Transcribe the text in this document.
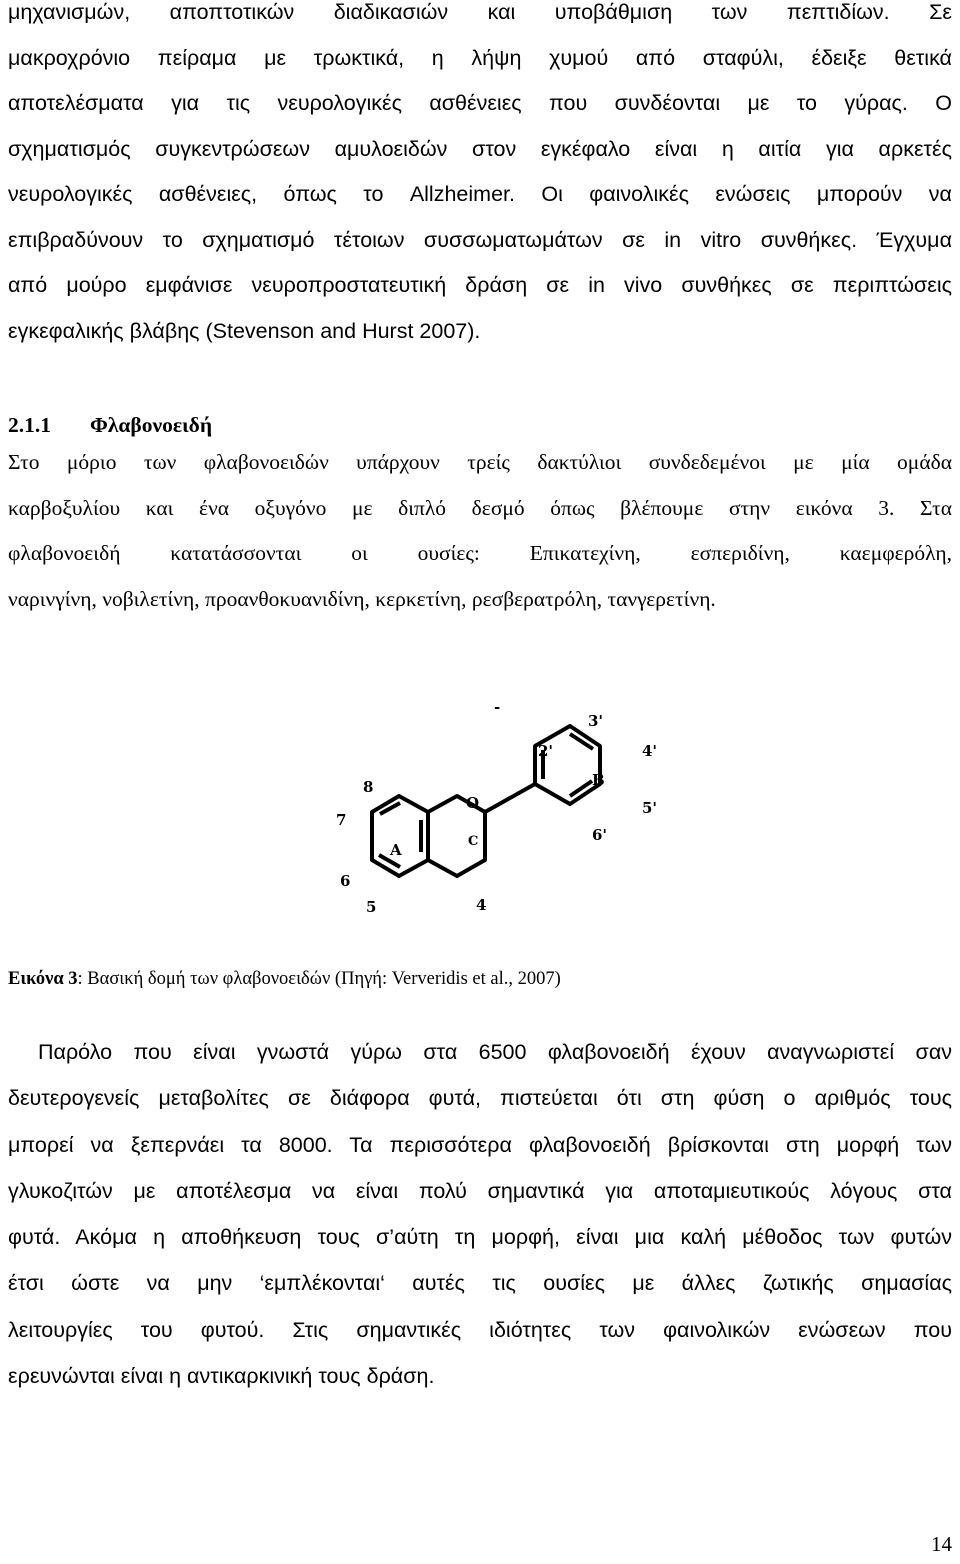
μηχανισμών, αποπτοτικών διαδικασιών και υποβάθμιση των πεπτιδίων. Σε
μακροχρόνιο πείραμα με τρωκτικά, η λήψη χυμού από σταφύλι, έδειξε θετικά
αποτελέσματα για τις νευρολογικές ασθένειες που συνδέονται με το γύρας. Ο
σχηματισμός συγκεντρώσεων αμυλοειδών στον εγκέφαλο είναι η αιτία για αρκετές
νευρολογικές ασθένειες, όπως το Allzheimer. Οι φαινολικές ενώσεις μπορούν να
επιβραδύνουν το σχηματισμό τέτοιων συσσωματωμάτων σε in vitro συνθήκες. Έγχυμα
από μούρο εμφάνισε νευροπροστατευτική δράση σε in vivo συνθήκες σε περιπτώσεις
εγκεφαλικής βλάβης (Stevenson and Hurst 2007).
2.1.1 Φλαβονοειδή
Στο μόριο των φλαβονοειδών υπάρχουν τρείς δακτύλιοι συνδεδεμένοι με μία ομάδα
καρβοξυλίου και ένα οξυγόνο με διπλό δεσμό όπως βλέπουμε στην εικόνα 3. Στα
φλαβονοειδή κατατάσσονται οι ουσίες: Επικατεχίνη, εσπεριδίνη, καεμφερόλη,
ναρινγίνη, νοβιλετίνη, προανθοκυανιδίνη, κερκετίνη, ρεσβερατρόλη, τανγερετίνη.
A	C
B
8
7
6
5	4
O
2'
3'
4'
5'
6'
-
Εικόνα 3: Βασική δομή των φλαβονοειδών (Πηγή: Ververidis et al., 2007)
Παρόλο που είναι γνωστά γύρω στα 6500 φλαβονοειδή έχουν αναγνωριστεί σαν
δευτερογενείς μεταβολίτες σε διάφορα φυτά, πιστεύεται ότι στη φύση ο αριθμός τους
μπορεί να ξεπερνάει τα 8000. Τα περισσότερα φλαβονοειδή βρίσκονται στη μορφή των
γλυκοζιτών με αποτέλεσμα να είναι πολύ σημαντικά για αποταμιευτικούς λόγους στα
φυτά. Ακόμα η αποθήκευση τους σ’αύτη τη μορφή, είναι μια καλή μέθοδος των φυτών
έτσι ώστε να μην ‘εμπλέκονται‘ αυτές τις ουσίες με άλλες ζωτικής σημασίας
λειτουργίες του φυτού. Στις σημαντικές ιδιότητες των φαινολικών ενώσεων που
ερευνώνται είναι η αντικαρκινική τους δράση.
14
